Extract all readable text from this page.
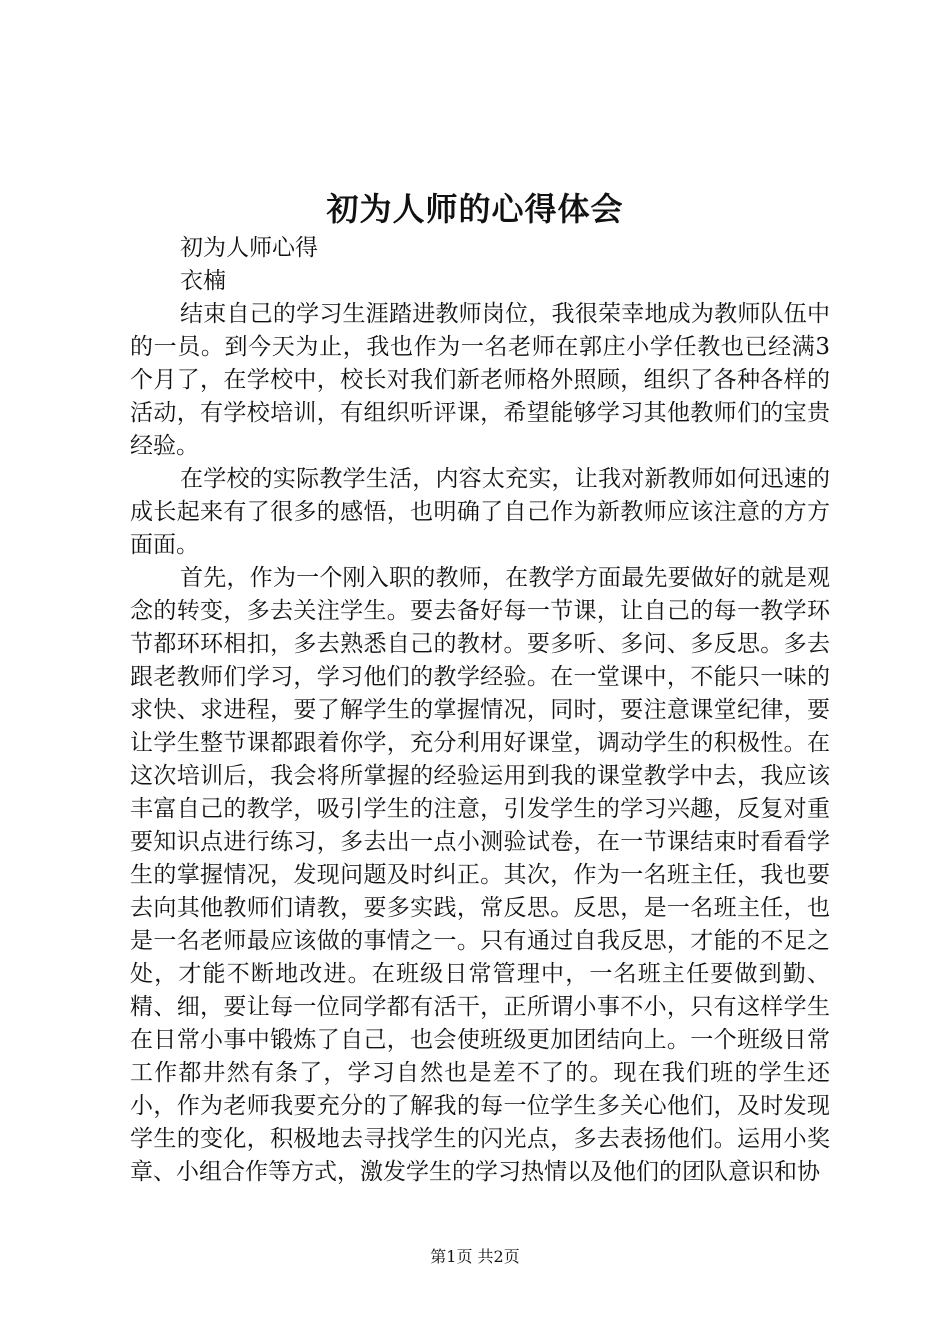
初为人师的心得体会

初为人师心得

衣楠

结束自己的学习生涯踏进教师岗位，我很荣幸地成为教师队伍中的一员。到今天为止，我也作为一名老师在郭庄小学任教也已经满3个月了，在学校中，校长对我们新老师格外照顾，组织了各种各样的活动，有学校培训，有组织听评课，希望能够学习其他教师们的宝贵经验。

在学校的实际教学生活，内容太充实，让我对新教师如何迅速的成长起来有了很多的感悟，也明确了自己作为新教师应该注意的方方面面。

首先，作为一个刚入职的教师，在教学方面最先要做好的就是观念的转变，多去关注学生。要去备好每一节课，让自己的每一教学环节都环环相扣，多去熟悉自己的教材。要多听、多问、多反思。多去跟老教师们学习，学习他们的教学经验。在一堂课中，不能只一味的求快、求进程，要了解学生的掌握情况，同时，要注意课堂纪律，要让学生整节课都跟着你学，充分利用好课堂，调动学生的积极性。在这次培训后，我会将所掌握的经验运用到我的课堂教学中去，我应该丰富自己的教学，吸引学生的注意，引发学生的学习兴趣，反复对重要知识点进行练习，多去出一点小测验试卷，在一节课结束时看看学生的掌握情况，发现问题及时纠正。其次，作为一名班主任，我也要去向其他教师们请教，要多实践，常反思。反思，是一名班主任，也是一名老师最应该做的事情之一。只有通过自我反思，才能的不足之处，才能不断地改进。在班级日常管理中，一名班主任要做到勤、精、细，要让每一位同学都有活干，正所谓小事不小，只有这样学生在日常小事中锻炼了自己，也会使班级更加团结向上。一个班级日常工作都井然有条了，学习自然也是差不了的。现在我们班的学生还小，作为老师我要充分的了解我的每一位学生多关心他们，及时发现学生的变化，积极地去寻找学生的闪光点，多去表扬他们。运用小奖章、小组合作等方式，激发学生的学习热情以及他们的团队意识和协

第1页 共2页
